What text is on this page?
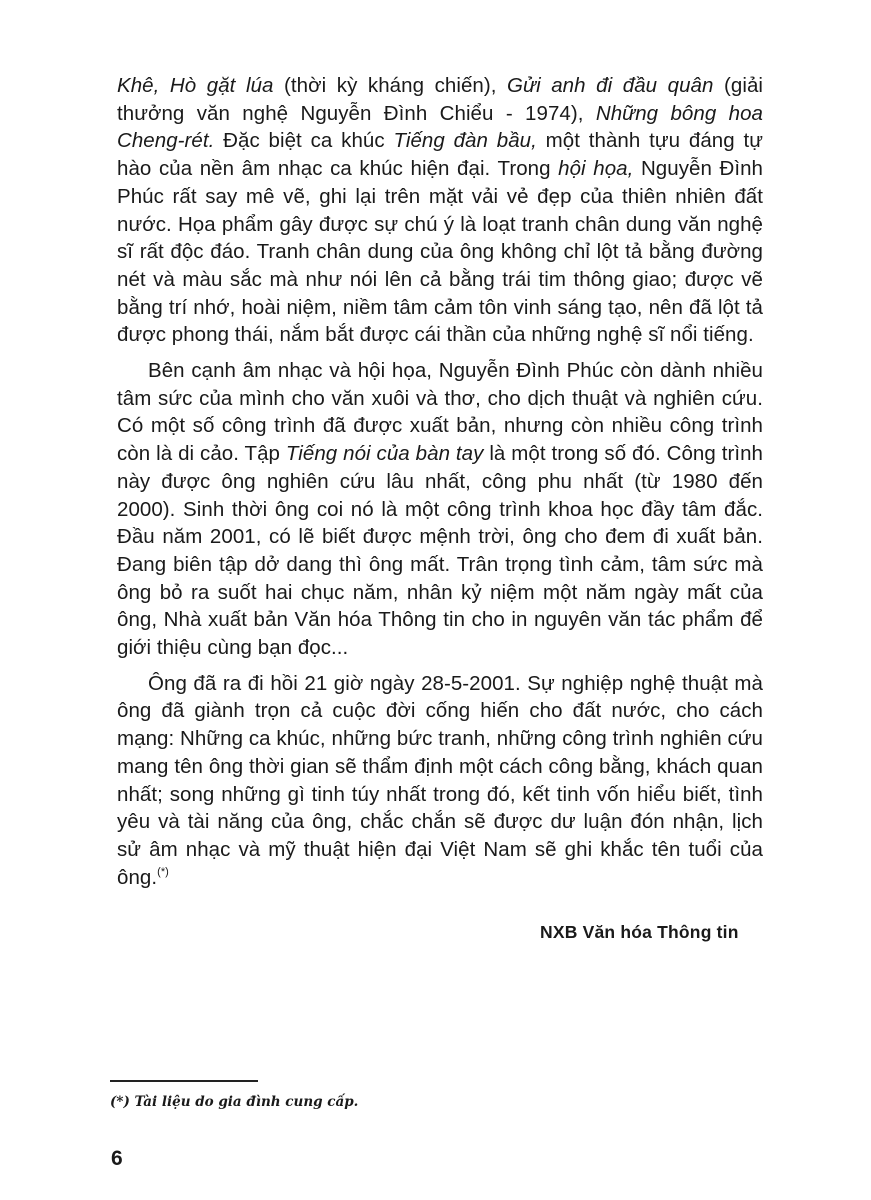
Khê, Hò gặt lúa (thời kỳ kháng chiến), Gửi anh đi đầu quân (giải thưởng văn nghệ Nguyễn Đình Chiểu - 1974), Những bông hoa Cheng-rét. Đặc biệt ca khúc Tiếng đàn bầu, một thành tựu đáng tự hào của nền âm nhạc ca khúc hiện đại. Trong hội họa, Nguyễn Đình Phúc rất say mê vẽ, ghi lại trên mặt vải vẻ đẹp của thiên nhiên đất nước. Họa phẩm gây được sự chú ý là loạt tranh chân dung văn nghệ sĩ rất độc đáo. Tranh chân dung của ông không chỉ lột tả bằng đường nét và màu sắc mà như nói lên cả bằng trái tim thông giao; được vẽ bằng trí nhớ, hoài niệm, niềm tâm cảm tôn vinh sáng tạo, nên đã lột tả được phong thái, nắm bắt được cái thần của những nghệ sĩ nổi tiếng.

Bên cạnh âm nhạc và hội họa, Nguyễn Đình Phúc còn dành nhiều tâm sức của mình cho văn xuôi và thơ, cho dịch thuật và nghiên cứu. Có một số công trình đã được xuất bản, nhưng còn nhiều công trình còn là di cảo. Tập Tiếng nói của bàn tay là một trong số đó. Công trình này được ông nghiên cứu lâu nhất, công phu nhất (từ 1980 đến 2000). Sinh thời ông coi nó là một công trình khoa học đầy tâm đắc. Đầu năm 2001, có lẽ biết được mệnh trời, ông cho đem đi xuất bản. Đang biên tập dở dang thì ông mất. Trân trọng tình cảm, tâm sức mà ông bỏ ra suốt hai chục năm, nhân kỷ niệm một năm ngày mất của ông, Nhà xuất bản Văn hóa Thông tin cho in nguyên văn tác phẩm để giới thiệu cùng bạn đọc...

Ông đã ra đi hồi 21 giờ ngày 28-5-2001. Sự nghiệp nghệ thuật mà ông đã giành trọn cả cuộc đời cống hiến cho đất nước, cho cách mạng: Những ca khúc, những bức tranh, những công trình nghiên cứu mang tên ông thời gian sẽ thẩm định một cách công bằng, khách quan nhất; song những gì tinh túy nhất trong đó, kết tinh vốn hiểu biết, tình yêu và tài năng của ông, chắc chắn sẽ được dư luận đón nhận, lịch sử âm nhạc và mỹ thuật hiện đại Việt Nam sẽ ghi khắc tên tuổi của ông.(*)

NXB Văn hóa Thông tin
(*) Tài liệu do gia đình cung cấp.
6
